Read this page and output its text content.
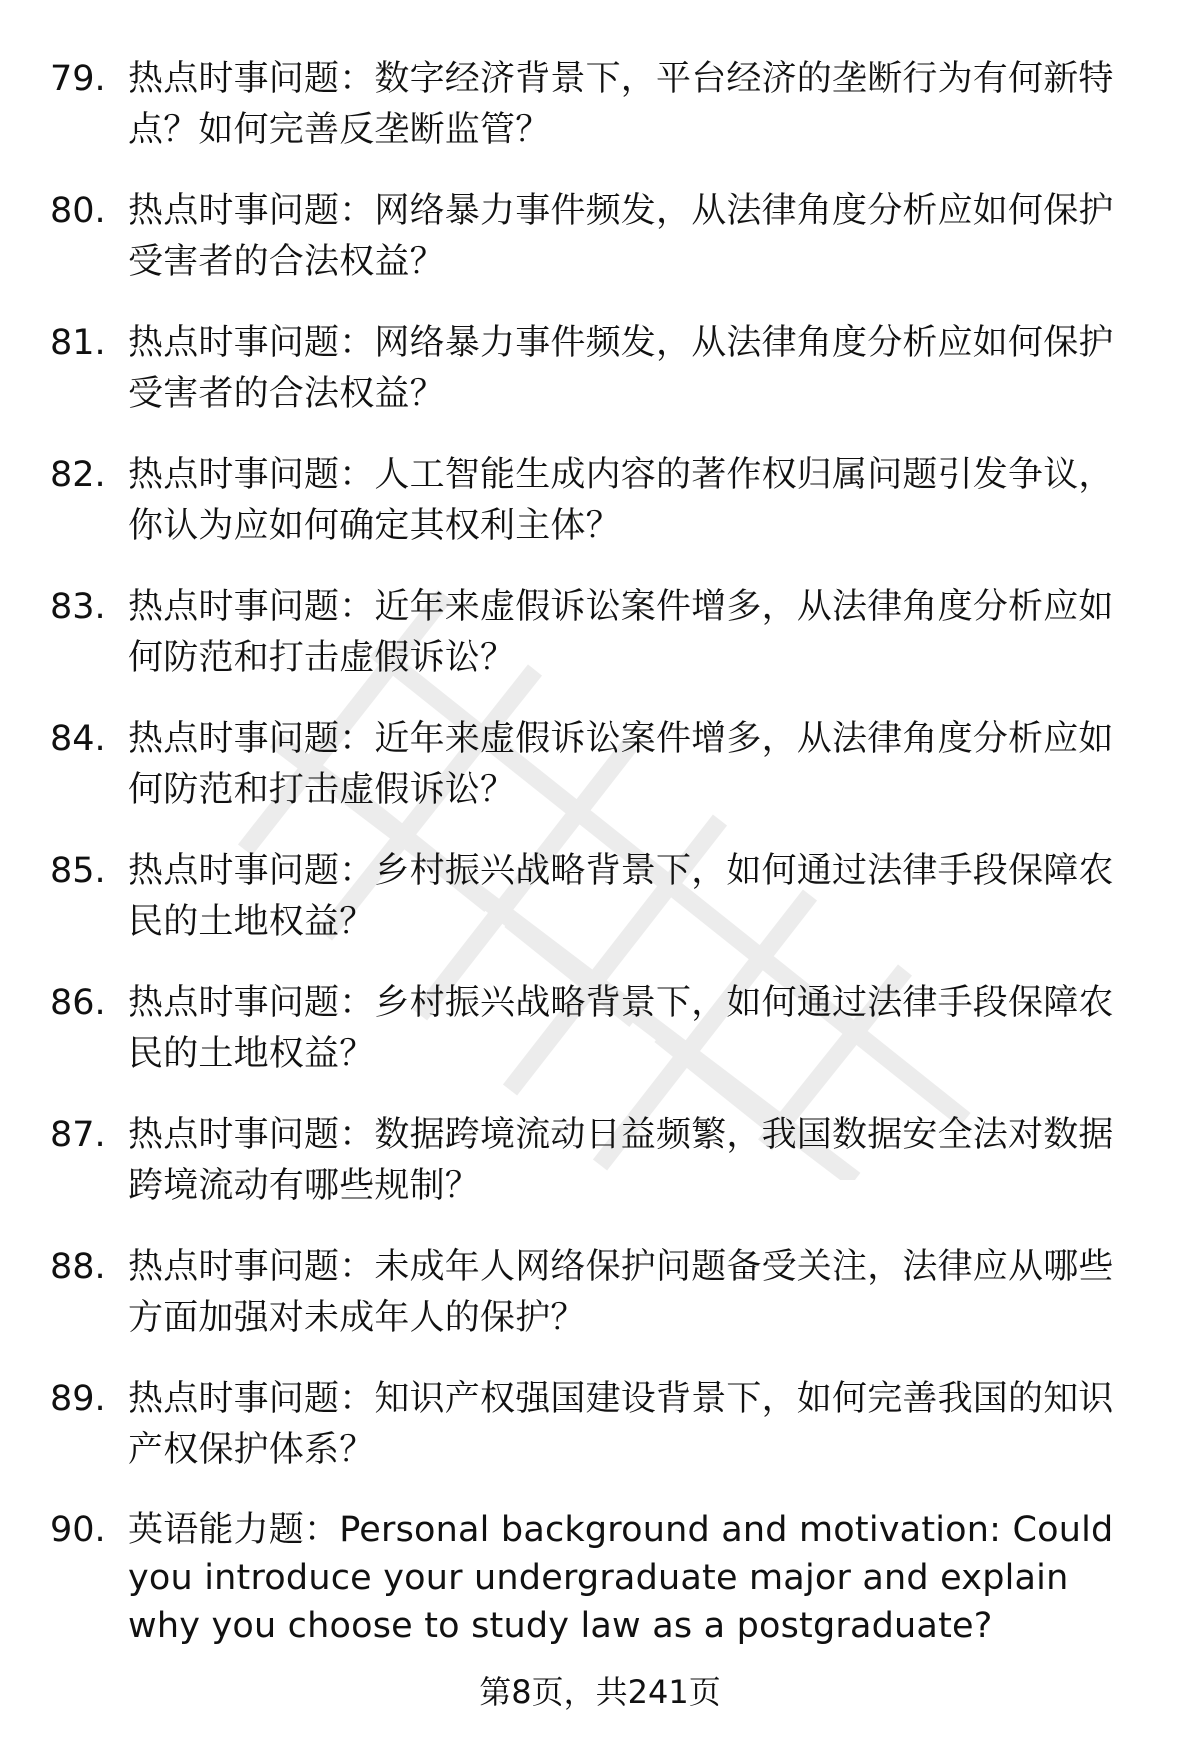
79. 热点时事问题：数字经济背景下，平台经济的垄断行为有何新特点？如何完善反垄断监管？
80. 热点时事问题：网络暴力事件频发，从法律角度分析应如何保护受害者的合法权益？
81. 热点时事问题：网络暴力事件频发，从法律角度分析应如何保护受害者的合法权益？
82. 热点时事问题：人工智能生成内容的著作权归属问题引发争议，你认为应如何确定其权利主体？
83. 热点时事问题：近年来虚假诉讼案件增多，从法律角度分析应如何防范和打击虚假诉讼？
84. 热点时事问题：近年来虚假诉讼案件增多，从法律角度分析应如何防范和打击虚假诉讼？
85. 热点时事问题：乡村振兴战略背景下，如何通过法律手段保障农民的土地权益？
86. 热点时事问题：乡村振兴战略背景下，如何通过法律手段保障农民的土地权益？
87. 热点时事问题：数据跨境流动日益频繁，我国数据安全法对数据跨境流动有哪些规制？
88. 热点时事问题：未成年人网络保护问题备受关注，法律应从哪些方面加强对未成年人的保护？
89. 热点时事问题：知识产权强国建设背景下，如何完善我国的知识产权保护体系？
90. 英语能力题：Personal background and motivation: Could you introduce your undergraduate major and explain why you choose to study law as a postgraduate?
第8页，共241页
